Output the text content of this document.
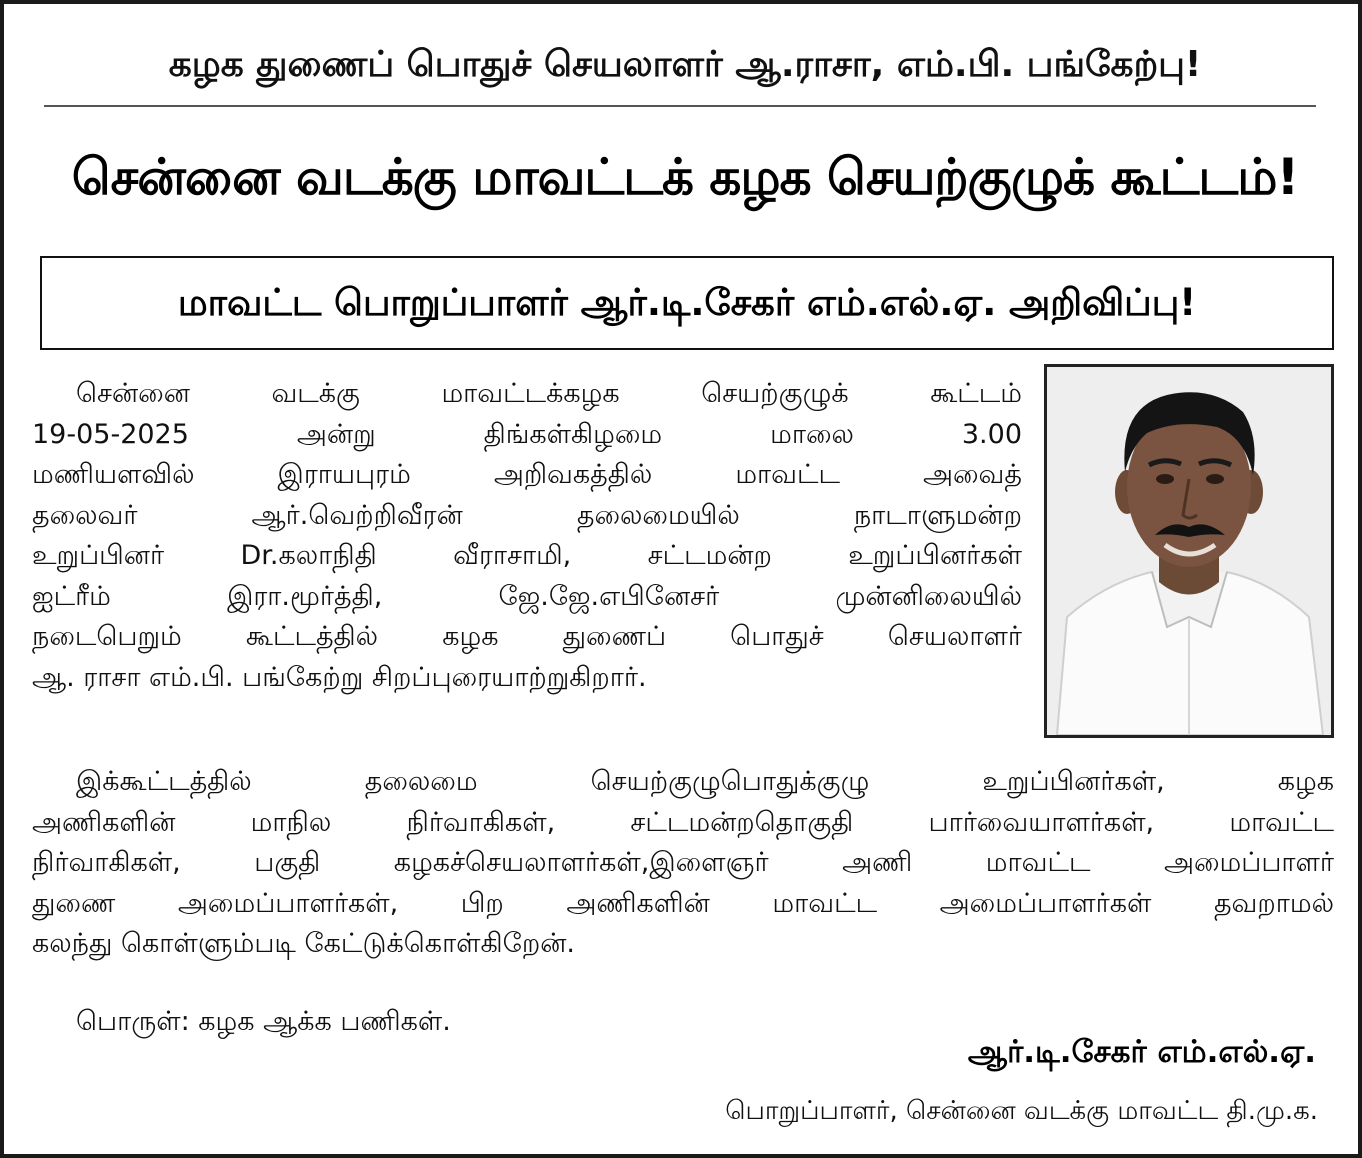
கழக துணைப் பொதுச் செயலாளர் ஆ.ராசா, எம்.பி. பங்கேற்பு!
சென்னை வடக்கு மாவட்டக் கழக செயற்குழுக் கூட்டம்!
மாவட்ட பொறுப்பாளர் ஆர்.டி.சேகர் எம்.எல்.ஏ. அறிவிப்பு!
சென்னை வடக்கு மாவட்டக்கழக செயற்குழுக் கூட்டம்
19-05-2025 அன்று திங்கள்கிழமை மாலை 3.00
மணியளவில் இராயபுரம் அறிவகத்தில் மாவட்ட அவைத்
தலைவர் ஆர்.வெற்றிவீரன் தலைமையில் நாடாளுமன்ற
உறுப்பினர் Dr.கலாநிதி வீராசாமி, சட்டமன்ற உறுப்பினர்கள்
ஐட்ரீம் இரா.மூர்த்தி, ஜே.ஜே.எபினேசர் முன்னிலையில்
நடைபெறும் கூட்டத்தில் கழக துணைப் பொதுச் செயலாளர்
ஆ. ராசா எம்.பி. பங்கேற்று சிறப்புரையாற்றுகிறார்.
இக்கூட்டத்தில் தலைமை செயற்குழுபொதுக்குழு உறுப்பினர்கள், கழக
அணிகளின் மாநில நிர்வாகிகள், சட்டமன்றதொகுதி பார்வையாளர்கள், மாவட்ட
நிர்வாகிகள், பகுதி கழகச்செயலாளர்கள்,இளைஞர் அணி மாவட்ட அமைப்பாளர்
துணை அமைப்பாளர்கள், பிற அணிகளின் மாவட்ட அமைப்பாளர்கள் தவறாமல்
கலந்து கொள்ளும்படி கேட்டுக்கொள்கிறேன்.
பொருள்: கழக ஆக்க பணிகள்.
ஆர்.டி.சேகர் எம்.எல்.ஏ.
பொறுப்பாளர், சென்னை வடக்கு மாவட்ட தி.மு.க.
